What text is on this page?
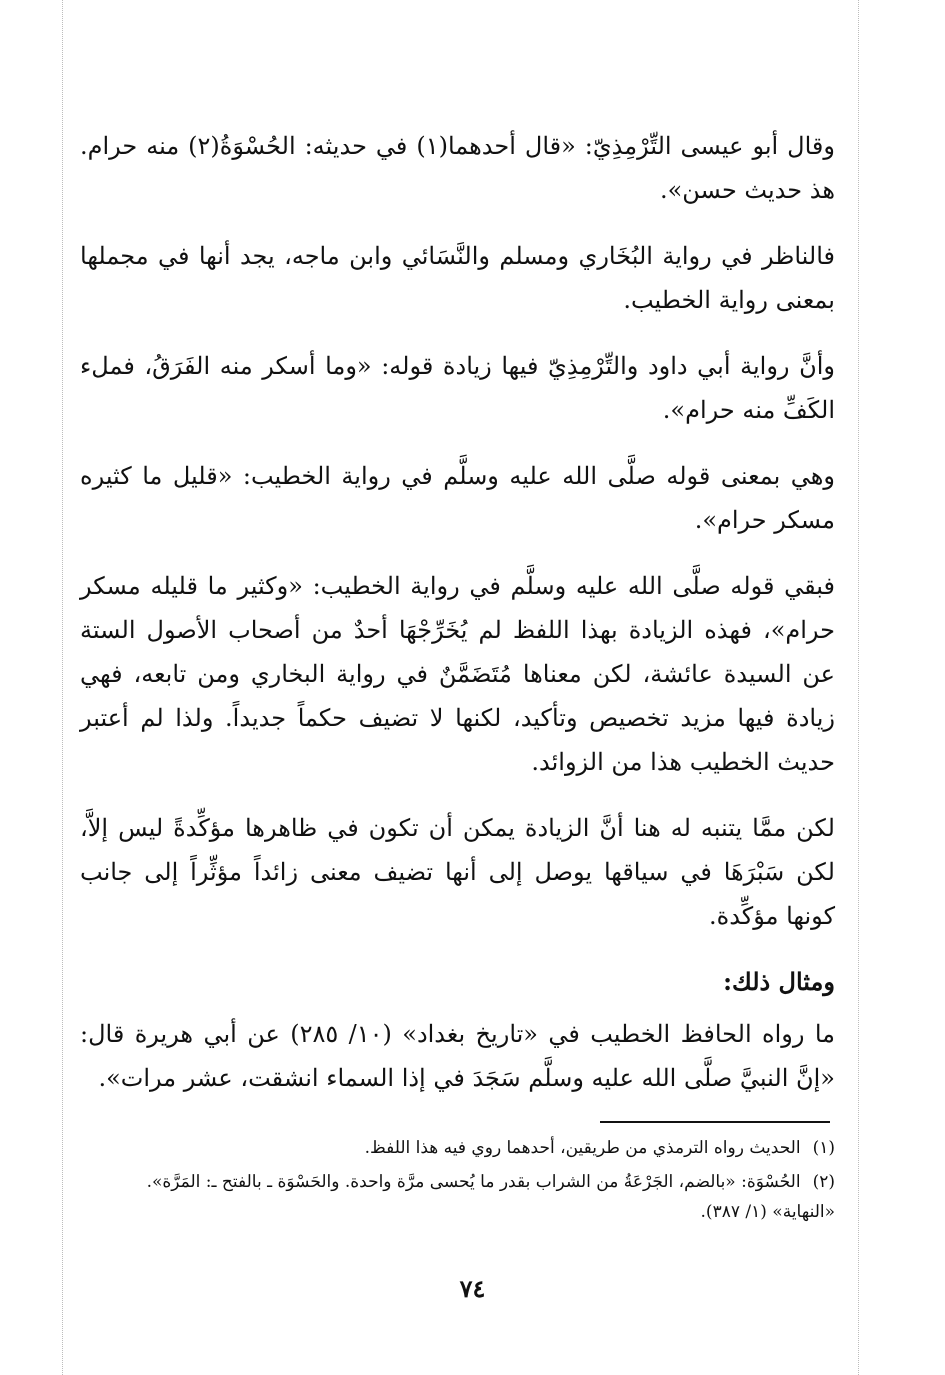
وقال أبو عيسى التِّرْمِذِيّ: «قال أحدهما(١) في حديثه: الحُسْوَةُ(٢) منه حرام. هذ حديث حسن».

فالناظر في رواية البُخَاري ومسلم والنَّسَائي وابن ماجه، يجد أنها في مجملها بمعنى رواية الخطيب.

وأنَّ رواية أبي داود والتِّرْمِذِيّ فيها زيادة قوله: «وما أسكر منه الفَرَقُ، فملء الكَفِّ منه حرام».

وهي بمعنى قوله صلَّى الله عليه وسلَّم في رواية الخطيب: «قليل ما كثيره مسكر حرام».

فبقي قوله صلَّى الله عليه وسلَّم في رواية الخطيب: «وكثير ما قليله مسكر حرام»، فهذه الزيادة بهذا اللفظ لم يُخَرِّجْهَا أحدٌ من أصحاب الأصول الستة عن السيدة عائشة، لكن معناها مُتَضَمَّنٌ في رواية البخاري ومن تابعه، فهي زيادة فيها مزيد تخصيص وتأكيد، لكنها لا تضيف حكماً جديداً. ولذا لم أعتبر حديث الخطيب هذا من الزوائد.

لكن ممَّا يتنبه له هنا أنَّ الزيادة يمكن أن تكون في ظاهرها مؤكِّدةً ليس إلاَّ، لكن سَبْرَهَا في سياقها يوصل إلى أنها تضيف معنى زائداً مؤثِّراً إلى جانب كونها مؤكِّدة.

ومثال ذلك:

ما رواه الحافظ الخطيب في «تاريخ بغداد» (١٠/ ٢٨٥) عن أبي هريرة قال: «إنَّ النبيَّ صلَّى الله عليه وسلَّم سَجَدَ في إذا السماء انشقت، عشر مرات».

(١)الحديث رواه الترمذي من طريقين، أحدهما روي فيه هذا اللفظ.

(٢)الحُسْوَة: «بالضم، الجَرْعَةُ من الشراب بقدر ما يُحسى مرَّة واحدة. والحَسْوَة ـ بالفتح ـ: المَرَّة». «النهاية» (١/ ٣٨٧).

٧٤
